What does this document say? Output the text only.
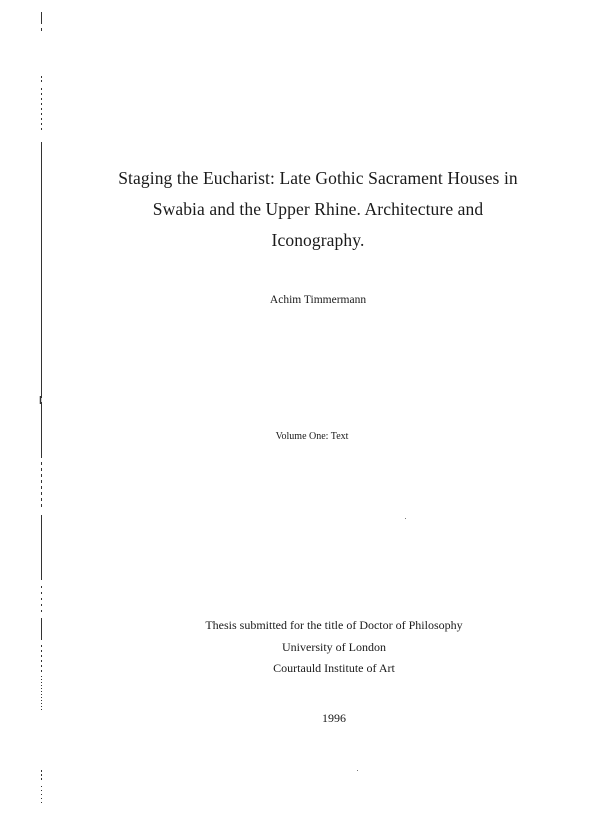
Staging the Eucharist: Late Gothic Sacrament Houses in
Swabia and the Upper Rhine. Architecture and
Iconography.
Achim Timmermann
Volume One: Text
Thesis submitted for the title of Doctor of Philosophy
University of London
Courtauld Institute of Art
1996
